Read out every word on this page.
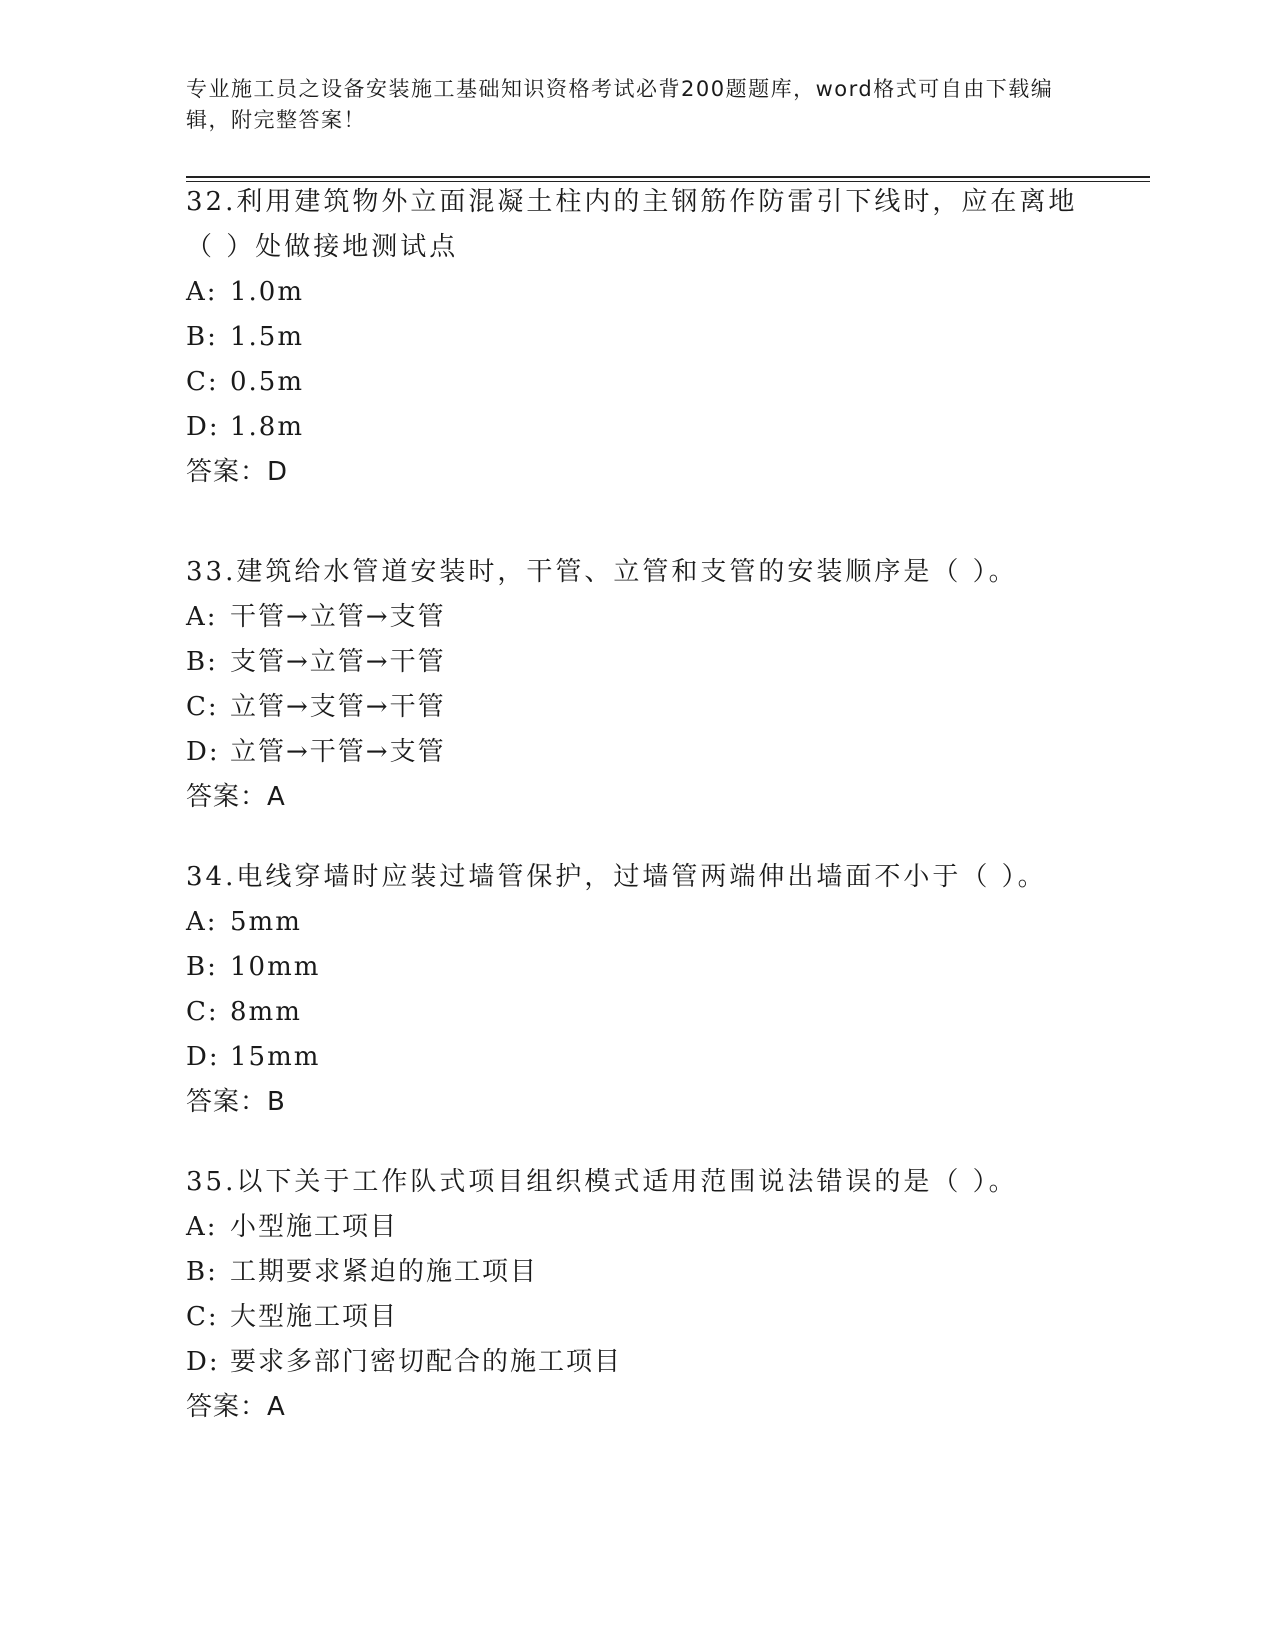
专业施工员之设备安装施工基础知识资格考试必背200题题库，word格式可自由下载编辑，附完整答案！

32.利用建筑物外立面混凝土柱内的主钢筋作防雷引下线时，应在离地（ ）处做接地测试点

A: 1.0m

B: 1.5m

C: 0.5m

D: 1.8m

答案：D

33.建筑给水管道安装时，干管、立管和支管的安装顺序是（ ）。

A: 干管→立管→支管

B: 支管→立管→干管

C: 立管→支管→干管

D: 立管→干管→支管

答案：A

34.电线穿墙时应装过墙管保护，过墙管两端伸出墙面不小于（ ）。

A: 5mm

B: 10mm

C: 8mm

D: 15mm

答案：B

35.以下关于工作队式项目组织模式适用范围说法错误的是（ ）。

A: 小型施工项目

B: 工期要求紧迫的施工项目

C: 大型施工项目

D: 要求多部门密切配合的施工项目

答案：A
